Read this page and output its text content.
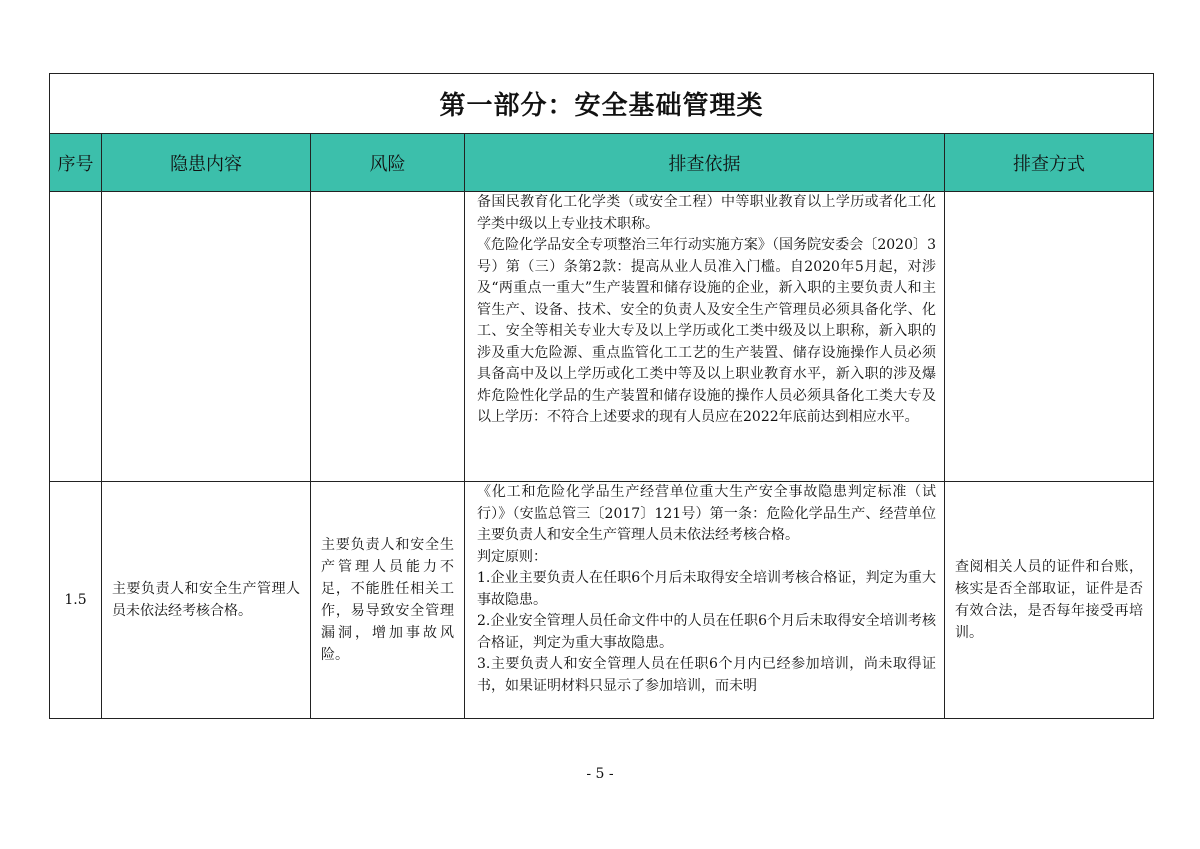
第一部分：安全基础管理类				
序号	隐患内容	风险	排查依据	排查方式

			备国民教育化工化学类（或安全工程）中等职业教育以上学历或者化工化学类中级以上专业技术职称。

《危险化学品安全专项整治三年行动实施方案》（国务院安委会〔2020〕3号）第（三）条第2款：提高从业人员准入门槛。自2020年5月起，对涉及“两重点一重大”生产装置和储存设施的企业，新入职的主要负责人和主管生产、设备、技术、安全的负责人及安全生产管理员必须具备化学、化工、安全等相关专业大专及以上学历或化工类中级及以上职称，新入职的涉及重大危险源、重点监管化工工艺的生产装置、储存设施操作人员必须具备高中及以上学历或化工类中等及以上职业教育水平，新入职的涉及爆炸危险性化学品的生产装置和储存设施的操作人员必须具备化工类大专及以上学历：不符合上述要求的现有人员应在2022年底前达到相应水平。	

1.5	主要负责人和安全生产管理人员未依法经考核合格。	主要负责人和安全生产管理人员能力不足，不能胜任相关工作，易导致安全管理漏洞，增加事故风险。	《化工和危险化学品生产经营单位重大生产安全事故隐患判定标准（试行）》（安监总管三〔2017〕121号）第一条：危险化学品生产、经营单位主要负责人和安全生产管理人员未依法经考核合格。

判定原则：

1.企业主要负责人在任职6个月后未取得安全培训考核合格证，判定为重大事故隐患。

2.企业安全管理人员任命文件中的人员在任职6个月后未取得安全培训考核合格证，判定为重大事故隐患。

3.主要负责人和安全管理人员在任职6个月内已经参加培训，尚未取得证书，如果证明材料只显示了参加培训，而未明	查阅相关人员的证件和台账，核实是否全部取证，证件是否有效合法，是否每年接受再培训。
- 5 -
